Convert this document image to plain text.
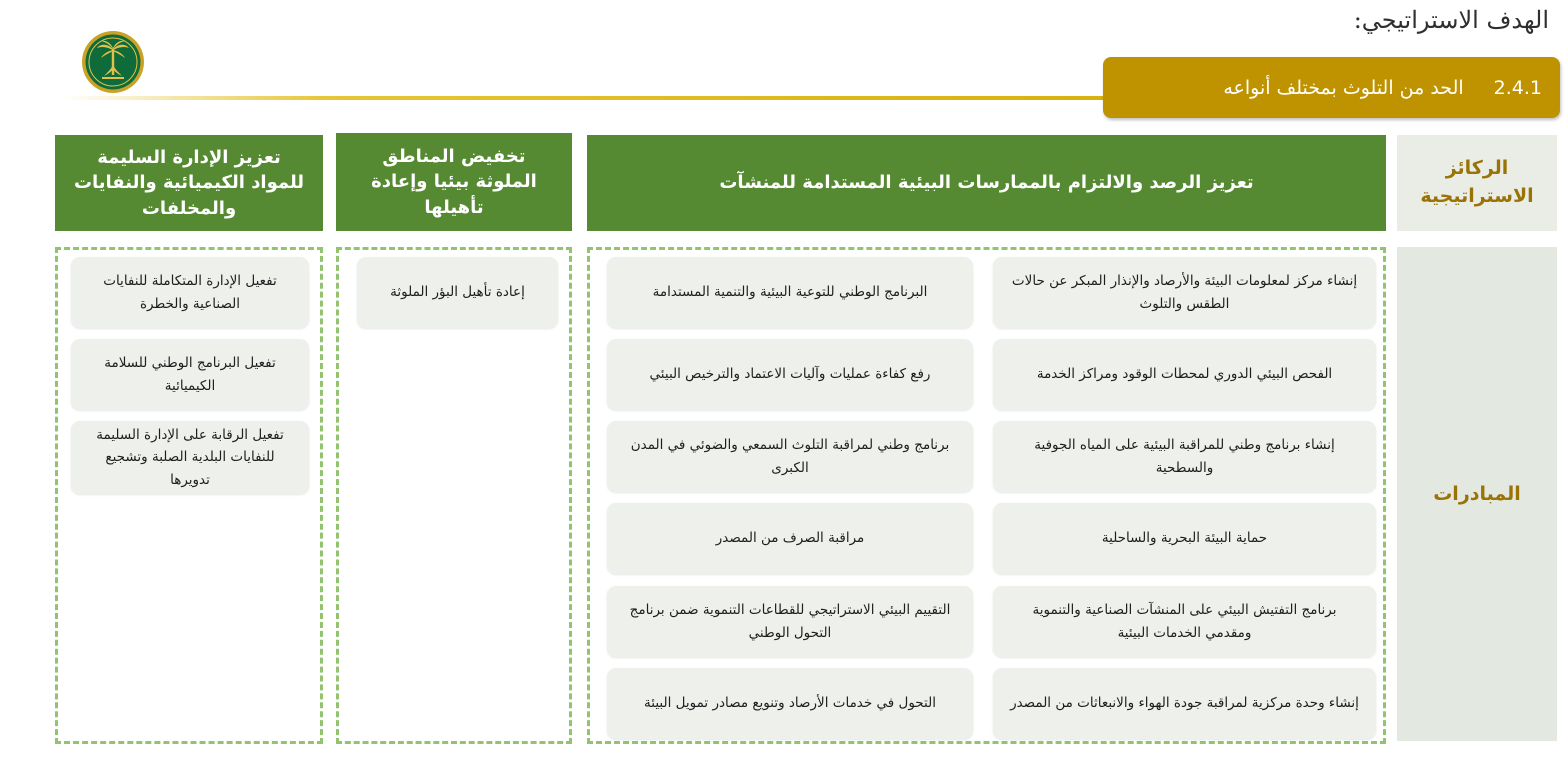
الهدف الاستراتيجي:
2.4.1
الحد من التلوث بمختلف أنواعه
الركائز الاستراتيجية
المبادرات
تعزيز الرصد والالتزام بالممارسات البيئية المستدامة للمنشآت
تخفيض المناطق الملوثة بيئيا وإعادة تأهيلها
تعزيز الإدارة السليمة للمواد الكيميائية والنفايات والمخلفات
إنشاء مركز لمعلومات البيئة والأرصاد والإنذار المبكر عن حالات الطقس والتلوث
الفحص البيئي الدوري لمحطات الوقود ومراكز الخدمة
إنشاء برنامج وطني للمراقبة البيئية على المياه الجوفية والسطحية
حماية البيئة البحرية والساحلية
برنامج التفتيش البيئي على المنشآت الصناعية والتنموية ومقدمي الخدمات البيئية
إنشاء وحدة مركزية لمراقبة جودة الهواء والانبعاثات من المصدر
البرنامج الوطني للتوعية البيئية والتنمية المستدامة
رفع كفاءة عمليات وآليات الاعتماد والترخيص البيئي
برنامج وطني لمراقبة التلوث السمعي والضوئي في المدن الكبرى
مراقبة الصرف من المصدر
التقييم البيئي الاستراتيجي للقطاعات التنموية ضمن برنامج التحول الوطني
التحول في خدمات الأرصاد وتنويع مصادر تمويل البيئة
إعادة تأهيل البؤر الملوثة
تفعيل الإدارة المتكاملة للنفايات الصناعية والخطرة
تفعيل البرنامج الوطني للسلامة الكيميائية
تفعيل الرقابة على الإدارة السليمة للنفايات البلدية الصلبة وتشجيع تدويرها
